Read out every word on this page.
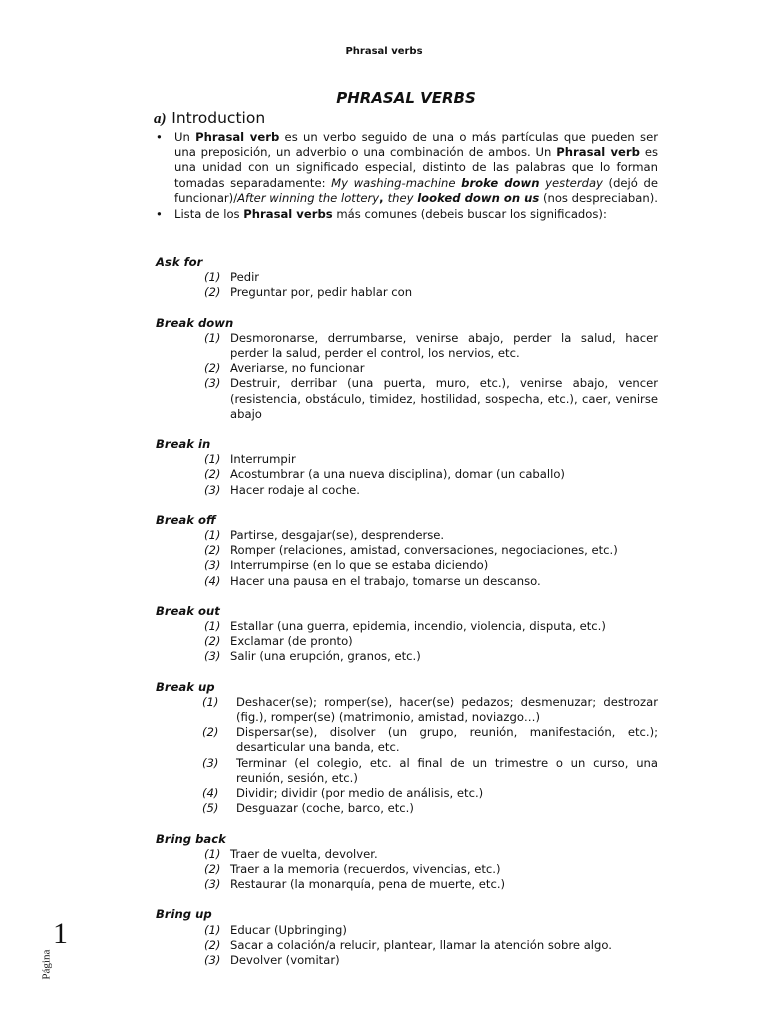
Phrasal verbs
PHRASAL VERBS
a) Introduction
• Un Phrasal verb es un verbo seguido de una o más partículas que pueden ser una preposición, un adverbio o una combinación de ambos. Un Phrasal verb es una unidad con un significado especial, distinto de las palabras que lo forman tomadas separadamente: My washing-machine broke down yesterday (dejó de funcionar)/After winning the lottery, they looked down on us (nos despreciaban).
• Lista de los Phrasal verbs más comunes (debeis buscar los significados):
Ask for
(1) Pedir
(2) Preguntar por, pedir hablar con
Break down
(1) Desmoronarse, derrumbarse, venirse abajo, perder la salud, hacer perder la salud, perder el control, los nervios, etc.
(2) Averiarse, no funcionar
(3) Destruir, derribar (una puerta, muro, etc.), venirse abajo, vencer (resistencia, obstáculo, timidez, hostilidad, sospecha, etc.), caer, venirse abajo
Break in
(1) Interrumpir
(2) Acostumbrar (a una nueva disciplina), domar (un caballo)
(3) Hacer rodaje al coche.
Break off
(1) Partirse, desgajar(se), desprenderse.
(2) Romper (relaciones, amistad, conversaciones, negociaciones, etc.)
(3) Interrumpirse (en lo que se estaba diciendo)
(4) Hacer una pausa en el trabajo, tomarse un descanso.
Break out
(1) Estallar (una guerra, epidemia, incendio, violencia, disputa, etc.)
(2) Exclamar (de pronto)
(3) Salir (una erupción, granos, etc.)
Break up
(1) Deshacer(se); romper(se), hacer(se) pedazos; desmenuzar; destrozar (fig.), romper(se) (matrimonio, amistad, noviazgo…)
(2) Dispersar(se), disolver (un grupo, reunión, manifestación, etc.); desarticular una banda, etc.
(3) Terminar (el colegio, etc. al final de un trimestre o un curso, una reunión, sesión, etc.)
(4) Dividir; dividir (por medio de análisis, etc.)
(5) Desguazar (coche, barco, etc.)
Bring back
(1) Traer de vuelta, devolver.
(2) Traer a la memoria (recuerdos, vivencias, etc.)
(3) Restaurar (la monarquía, pena de muerte, etc.)
Bring up
(1) Educar (Upbringing)
(2) Sacar a colación/a relucir, plantear, llamar la atención sobre algo.
(3) Devolver (vomitar)
Página
1
